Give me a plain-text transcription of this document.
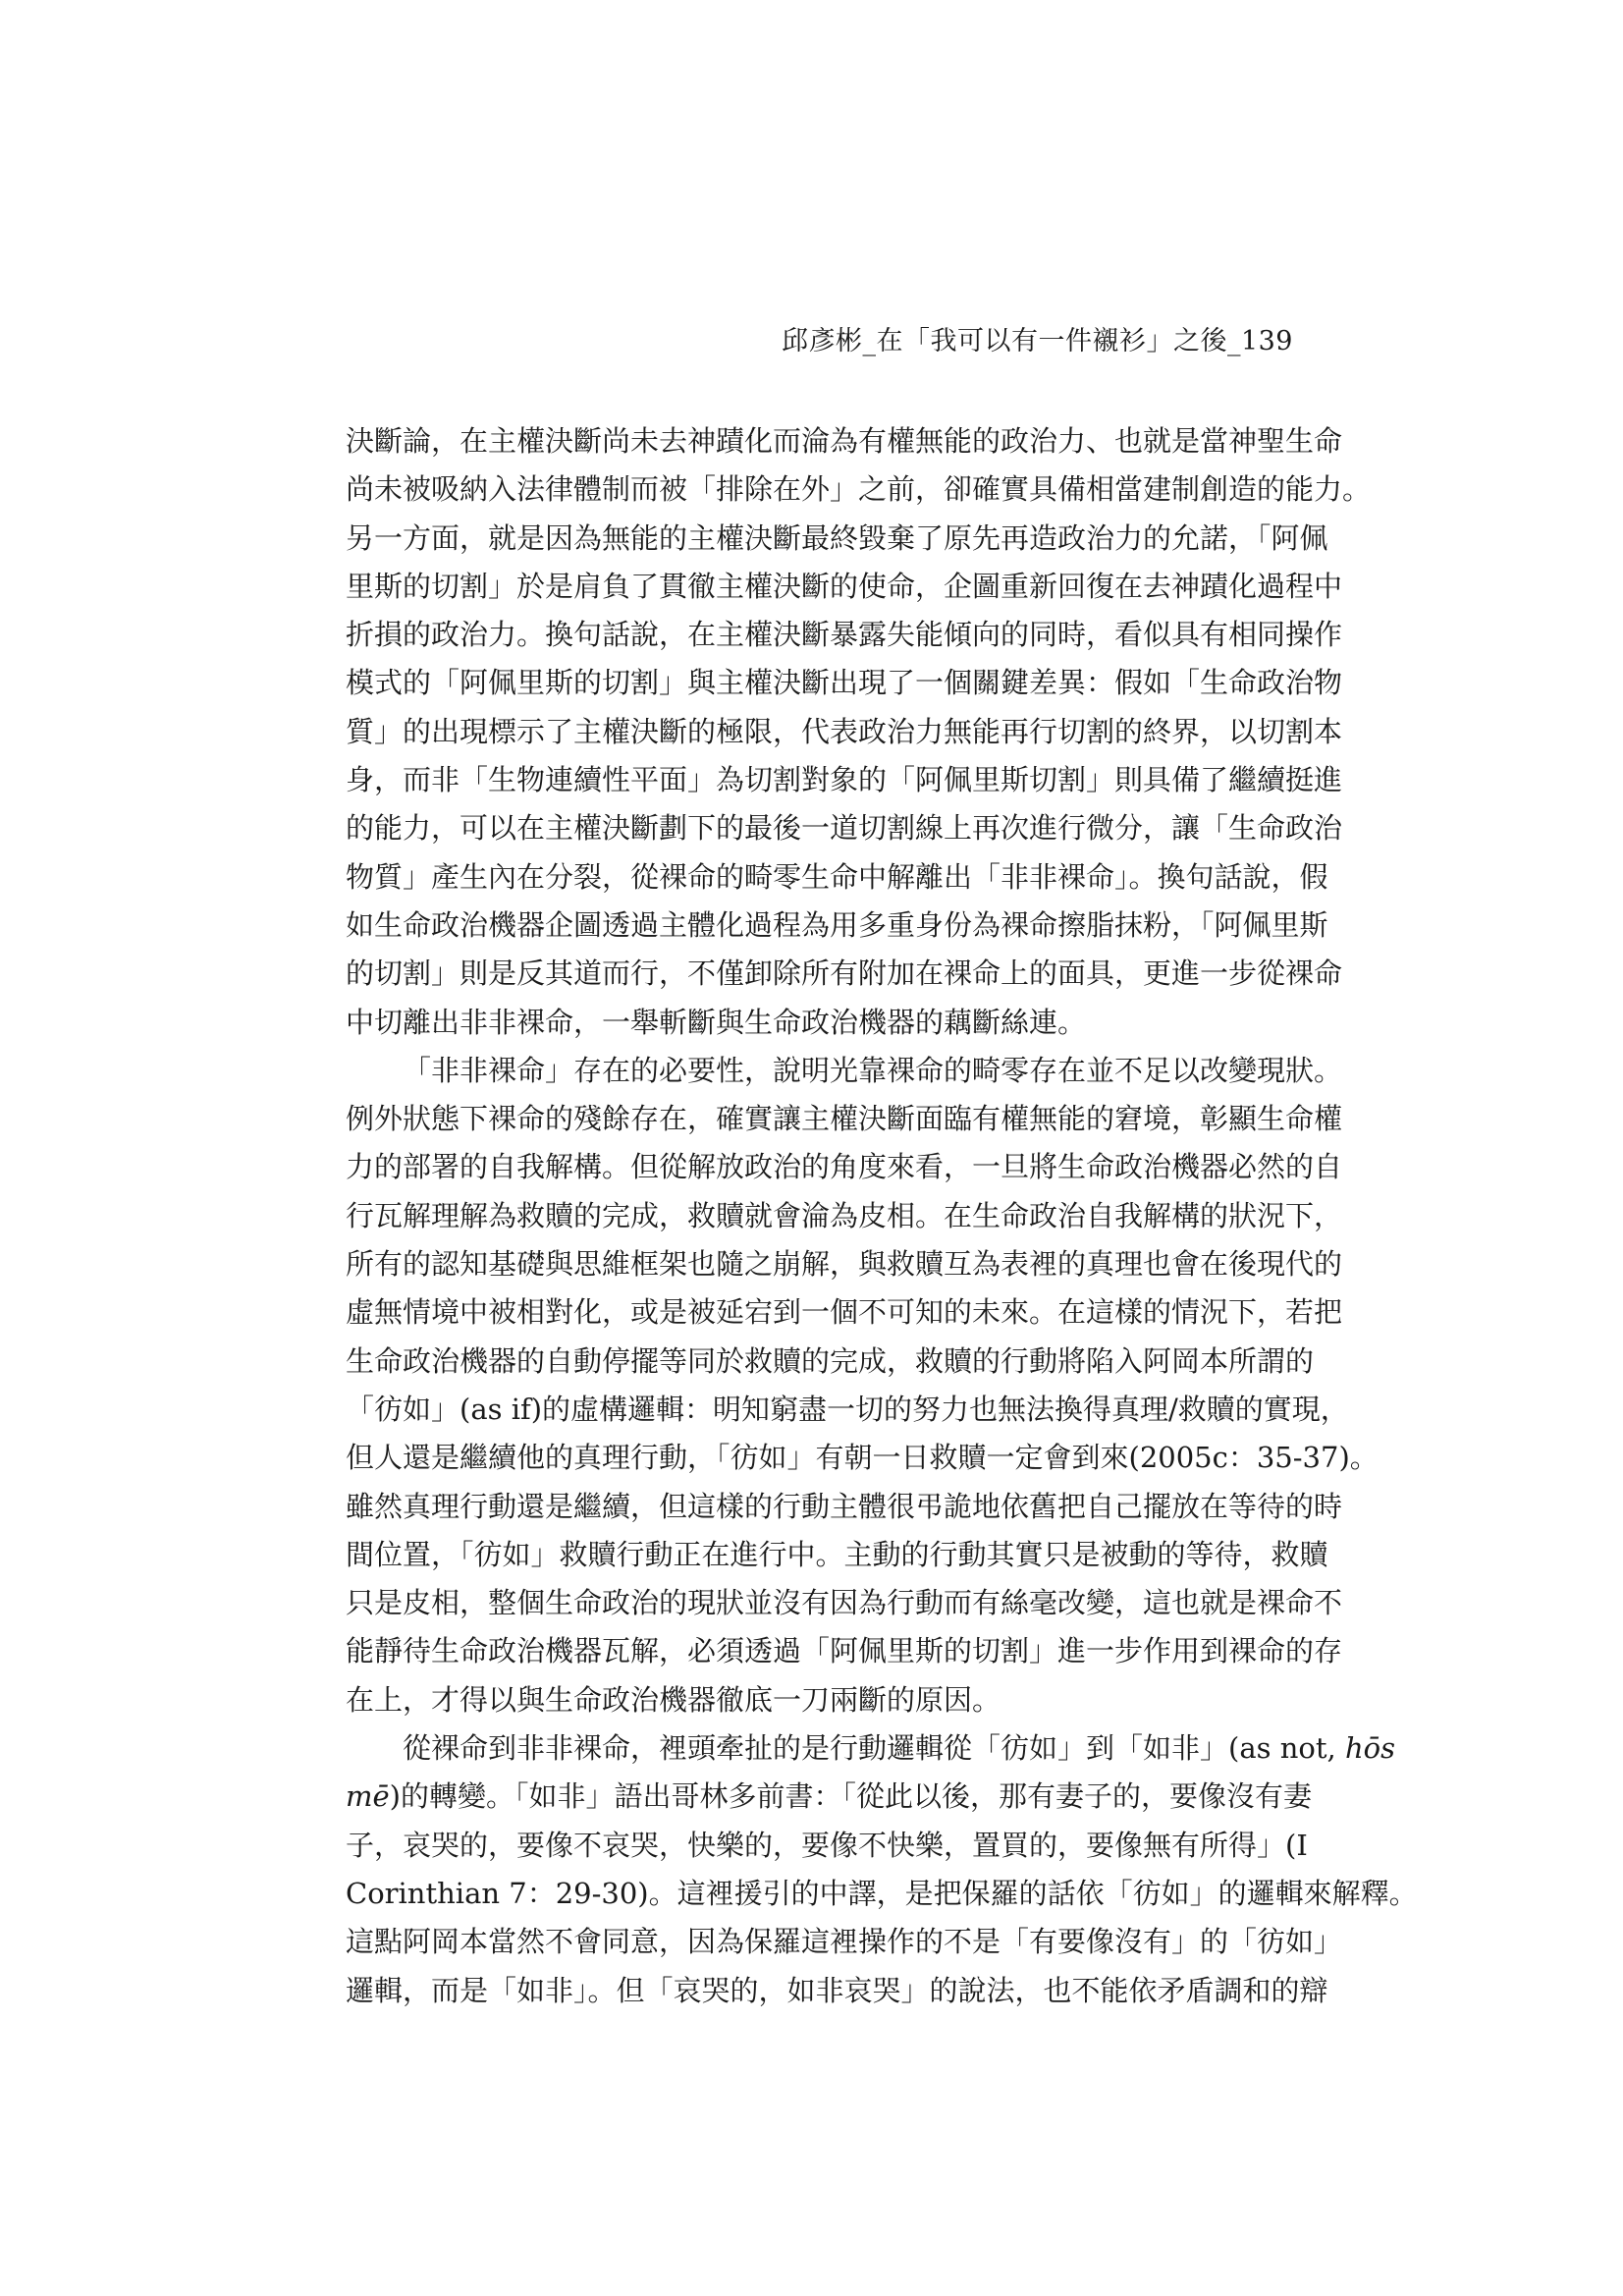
邱彥彬_在「我可以有一件襯衫」之後_139
決斷論，在主權決斷尚未去神蹟化而淪為有權無能的政治力、也就是當神聖生命
尚未被吸納入法律體制而被「排除在外」之前，卻確實具備相當建制創造的能力。
另一方面，就是因為無能的主權決斷最終毀棄了原先再造政治力的允諾，「阿佩
里斯的切割」於是肩負了貫徹主權決斷的使命，企圖重新回復在去神蹟化過程中
折損的政治力。換句話說，在主權決斷暴露失能傾向的同時，看似具有相同操作
模式的「阿佩里斯的切割」與主權決斷出現了一個關鍵差異：假如「生命政治物
質」的出現標示了主權決斷的極限，代表政治力無能再行切割的終界，以切割本
身，而非「生物連續性平面」為切割對象的「阿佩里斯切割」則具備了繼續挺進
的能力，可以在主權決斷劃下的最後一道切割線上再次進行微分，讓「生命政治
物質」產生內在分裂，從裸命的畸零生命中解離出「非非裸命」。換句話說，假
如生命政治機器企圖透過主體化過程為用多重身份為裸命擦脂抹粉，「阿佩里斯
的切割」則是反其道而行，不僅卸除所有附加在裸命上的面具，更進一步從裸命
中切離出非非裸命，一舉斬斷與生命政治機器的藕斷絲連。
「非非裸命」存在的必要性，說明光靠裸命的畸零存在並不足以改變現狀。
例外狀態下裸命的殘餘存在，確實讓主權決斷面臨有權無能的窘境，彰顯生命權
力的部署的自我解構。但從解放政治的角度來看，一旦將生命政治機器必然的自
行瓦解理解為救贖的完成，救贖就會淪為皮相。在生命政治自我解構的狀況下，
所有的認知基礎與思維框架也隨之崩解，與救贖互為表裡的真理也會在後現代的
虛無情境中被相對化，或是被延宕到一個不可知的未來。在這樣的情況下，若把
生命政治機器的自動停擺等同於救贖的完成，救贖的行動將陷入阿岡本所謂的
「彷如」(as if)的虛構邏輯：明知窮盡一切的努力也無法換得真理/救贖的實現，
但人還是繼續他的真理行動，「彷如」有朝一日救贖一定會到來(2005c：35-37)。
雖然真理行動還是繼續，但這樣的行動主體很弔詭地依舊把自己擺放在等待的時
間位置，「彷如」救贖行動正在進行中。主動的行動其實只是被動的等待，救贖
只是皮相，整個生命政治的現狀並沒有因為行動而有絲毫改變，這也就是裸命不
能靜待生命政治機器瓦解，必須透過「阿佩里斯的切割」進一步作用到裸命的存
在上，才得以與生命政治機器徹底一刀兩斷的原因。
從裸命到非非裸命，裡頭牽扯的是行動邏輯從「彷如」到「如非」(as not, hōs
mē)的轉變。「如非」語出哥林多前書：「從此以後，那有妻子的，要像沒有妻
子，哀哭的，要像不哀哭，快樂的，要像不快樂，置買的，要像無有所得」(I
Corinthian 7：29-30)。這裡援引的中譯，是把保羅的話依「彷如」的邏輯來解釋。
這點阿岡本當然不會同意，因為保羅這裡操作的不是「有要像沒有」的「彷如」
邏輯，而是「如非」。但「哀哭的，如非哀哭」的說法，也不能依矛盾調和的辯
